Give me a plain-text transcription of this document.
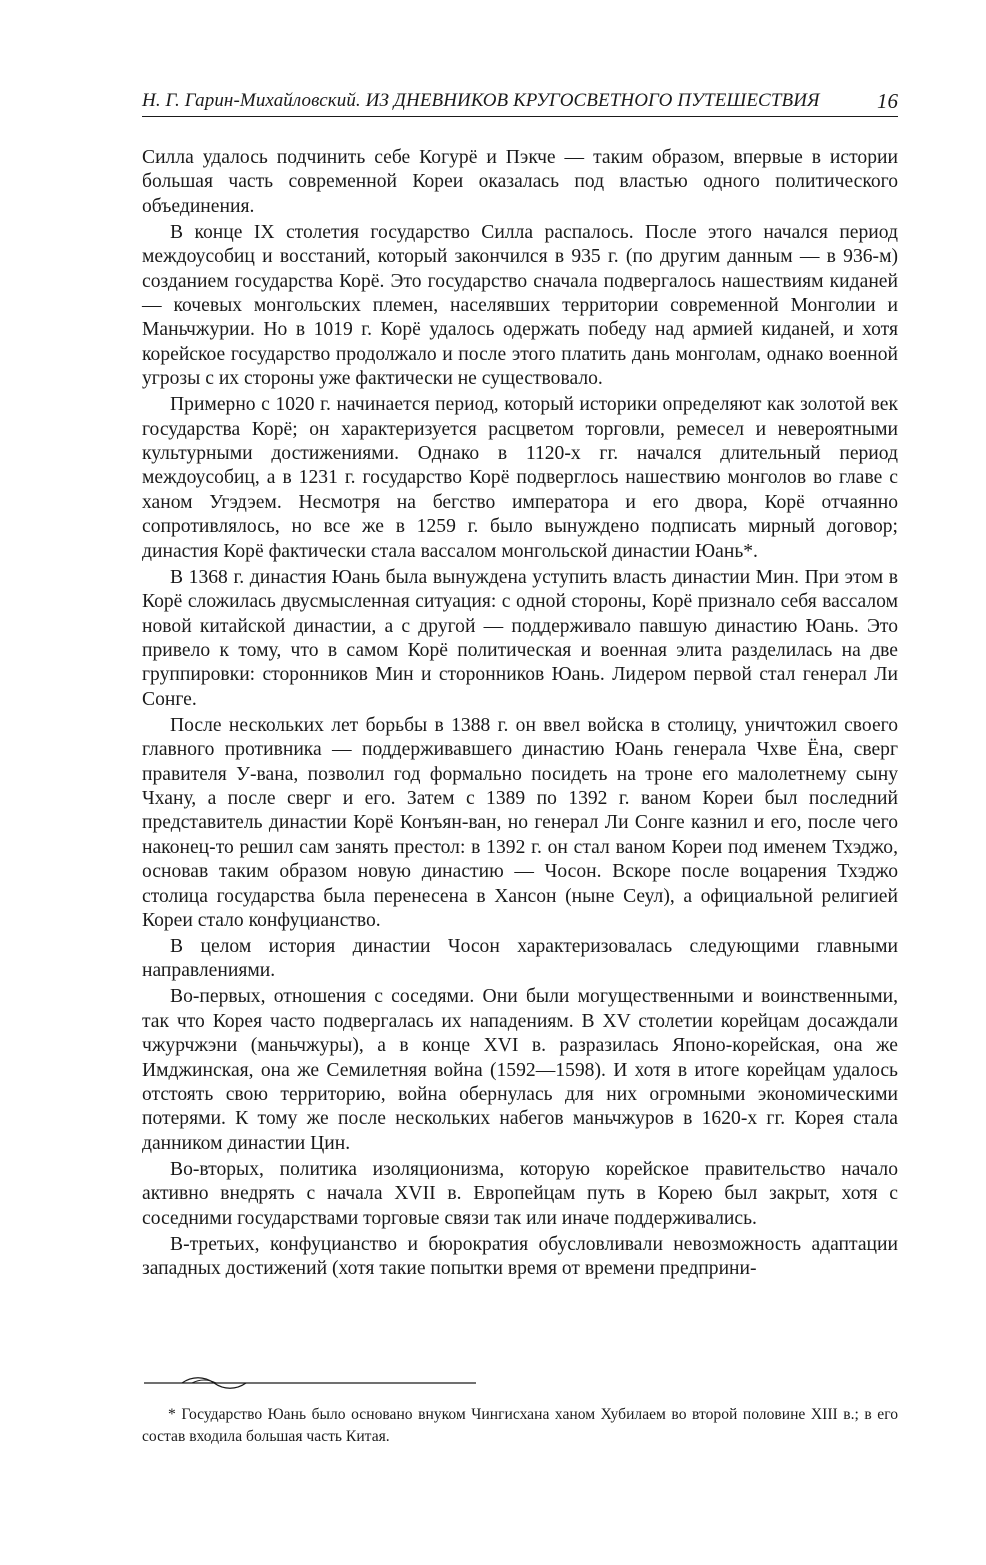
Н. Г. Гарин-Михайловский. ИЗ ДНЕВНИКОВ КРУГОСВЕТНОГО ПУТЕШЕСТВИЯ	16

Силла удалось подчинить себе Когурё и Пэкче — таким образом, впервые в истории большая часть современной Кореи оказалась под властью одного политического объединения.

В конце IX столетия государство Силла распалось. После этого начался период междоусобиц и восстаний, который закончился в 935 г. (по другим данным — в 936-м) созданием государства Корё. Это государство сначала подвергалось нашествиям киданей — кочевых монгольских племен, населявших территории современной Монголии и Маньчжурии. Но в 1019 г. Корё удалось одержать победу над армией киданей, и хотя корейское государство продолжало и после этого платить дань монголам, однако военной угрозы с их стороны уже фактически не существовало.

Примерно с 1020 г. начинается период, который историки определяют как золотой век государства Корё; он характеризуется расцветом торговли, ремесел и невероятными культурными достижениями. Однако в 1120-х гг. начался длительный период междоусобиц, а в 1231 г. государство Корё подверглось нашествию монголов во главе с ханом Угэдэем. Несмотря на бегство императора и его двора, Корё отчаянно сопротивлялось, но все же в 1259 г. было вынуждено подписать мирный договор; династия Корё фактически стала вассалом монгольской династии Юань*.

В 1368 г. династия Юань была вынуждена уступить власть династии Мин. При этом в Корё сложилась двусмысленная ситуация: с одной стороны, Корё признало себя вассалом новой китайской династии, а с другой — поддерживало павшую династию Юань. Это привело к тому, что в самом Корё политическая и военная элита разделилась на две группировки: сторонников Мин и сторонников Юань. Лидером первой стал генерал Ли Сонге.

После нескольких лет борьбы в 1388 г. он ввел войска в столицу, уничтожил своего главного противника — поддерживавшего династию Юань генерала Чхве Ёна, сверг правителя У-вана, позволил год формально посидеть на троне его малолетнему сыну Чхану, а после сверг и его. Затем с 1389 по 1392 г. ваном Кореи был последний представитель династии Корё Конъян-ван, но генерал Ли Сонге казнил и его, после чего наконец-то решил сам занять престол: в 1392 г. он стал ваном Кореи под именем Тхэджо, основав таким образом новую династию — Чосон. Вскоре после воцарения Тхэджо столица государства была перенесена в Хансон (ныне Сеул), а официальной религией Кореи стало конфуцианство.

В целом история династии Чосон характеризовалась следующими главными направлениями.

Во-первых, отношения с соседями. Они были могущественными и воинственными, так что Корея часто подвергалась их нападениям. В XV столетии корейцам досаждали чжурчжэни (маньчжуры), а в конце XVI в. разразилась Японо-корейская, она же Имджинская, она же Семилетняя война (1592—1598). И хотя в итоге корейцам удалось отстоять свою территорию, война обернулась для них огромными экономическими потерями. К тому же после нескольких набегов маньчжуров в 1620-х гг. Корея стала данником династии Цин.

Во-вторых, политика изоляционизма, которую корейское правительство начало активно внедрять с начала XVII в. Европейцам путь в Корею был закрыт, хотя с соседними государствами торговые связи так или иначе поддерживались.

В-третьих, конфуцианство и бюрократия обусловливали невозможность адаптации западных достижений (хотя такие попытки время от времени предприни-

* Государство Юань было основано внуком Чингисхана ханом Хубилаем во второй половине XIII в.; в его состав входила большая часть Китая.
